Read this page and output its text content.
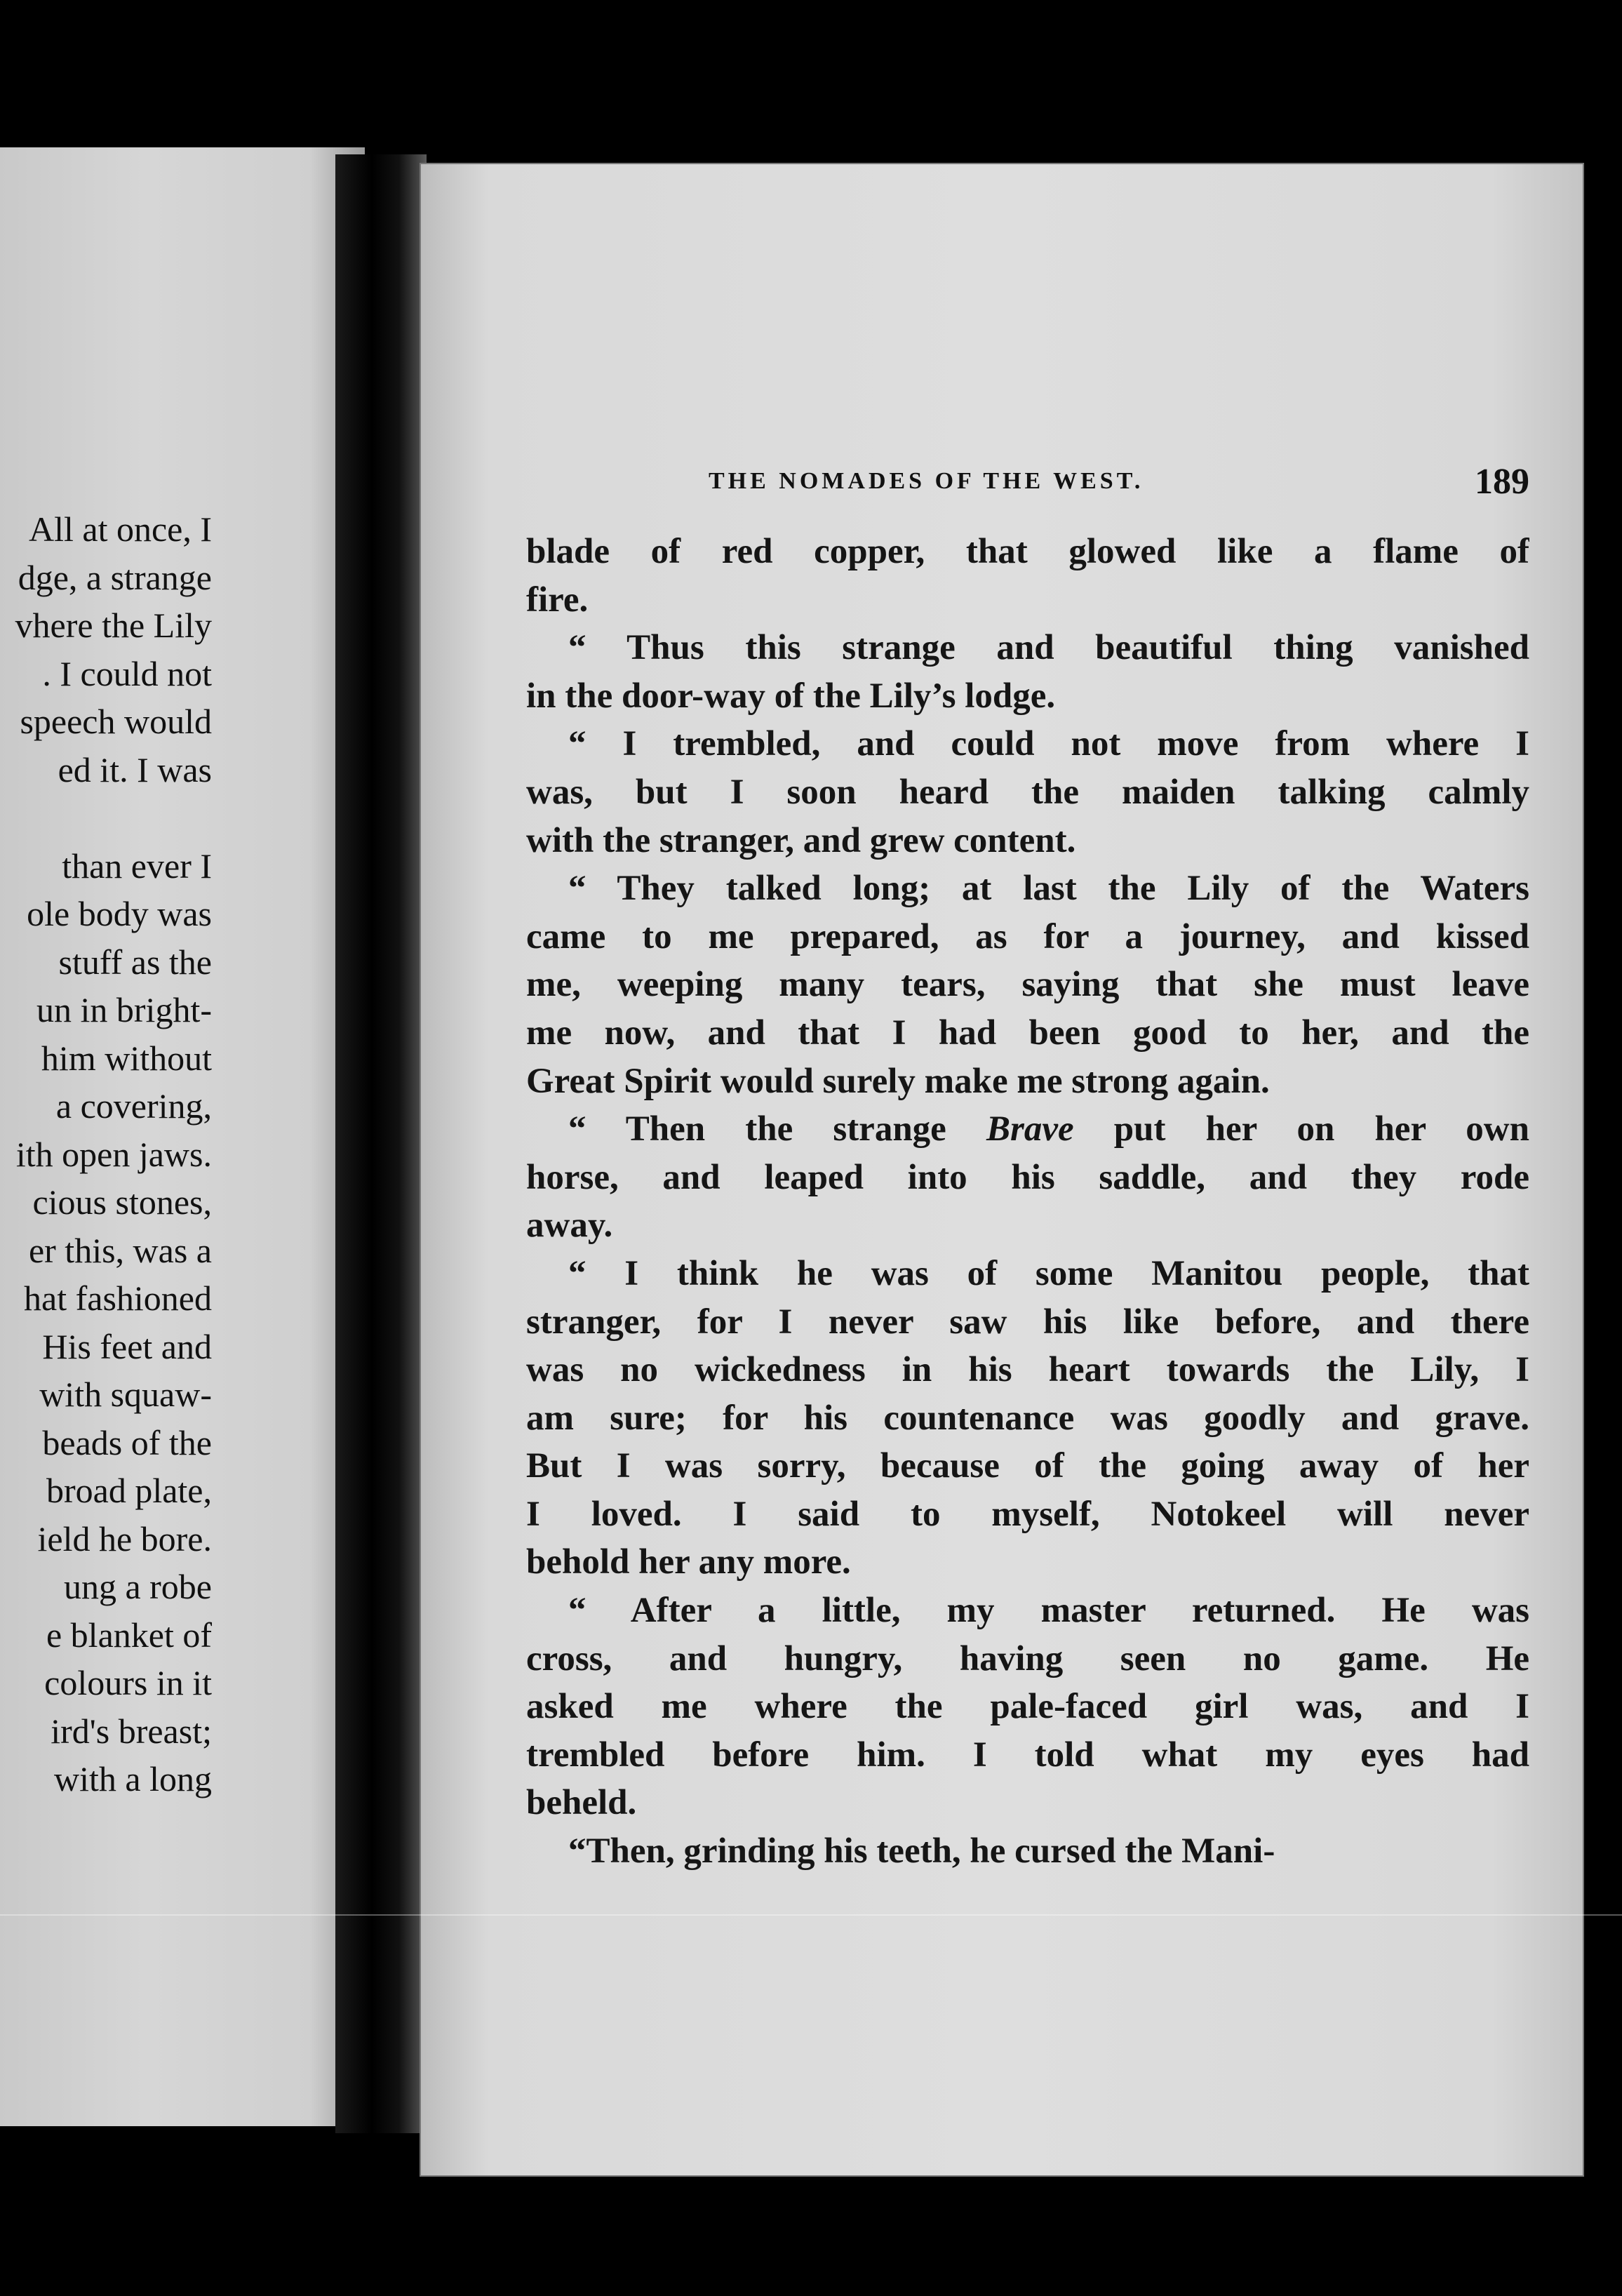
All at once, I
dge, a strange
vhere the Lily
. I could not
speech would
ed it. I was
than ever I
ole body was
stuff as the
un in bright-
him without
a covering,
ith open jaws.
cious stones,
er this, was a
hat fashioned
His feet and
with squaw-
beads of the
broad plate,
ield he bore.
ung a robe
e blanket of
colours in it
ird's breast;
with a long
THE NOMADES OF THE WEST.	189

blade of red copper, that glowed like a flame of
fire.

“ Thus this strange and beautiful thing vanished
in the door-way of the Lily’s lodge.

“ I trembled, and could not move from where I
was, but I soon heard the maiden talking calmly
with the stranger, and grew content.

“ They talked long; at last the Lily of the Waters
came to me prepared, as for a journey, and kissed
me, weeping many tears, saying that she must leave
me now, and that I had been good to her, and the
Great Spirit would surely make me strong again.

“ Then the strange Brave put her on her own
horse, and leaped into his saddle, and they rode
away.

“ I think he was of some Manitou people, that
stranger, for I never saw his like before, and there
was no wickedness in his heart towards the Lily, I
am sure; for his countenance was goodly and grave.
But I was sorry, because of the going away of her
I loved. I said to myself, Notokeel will never
behold her any more.

“ After a little, my master returned. He was
cross, and hungry, having seen no game. He
asked me where the pale-faced girl was, and I
trembled before him. I told what my eyes had
beheld.

“Then, grinding his teeth, he cursed the Mani-
